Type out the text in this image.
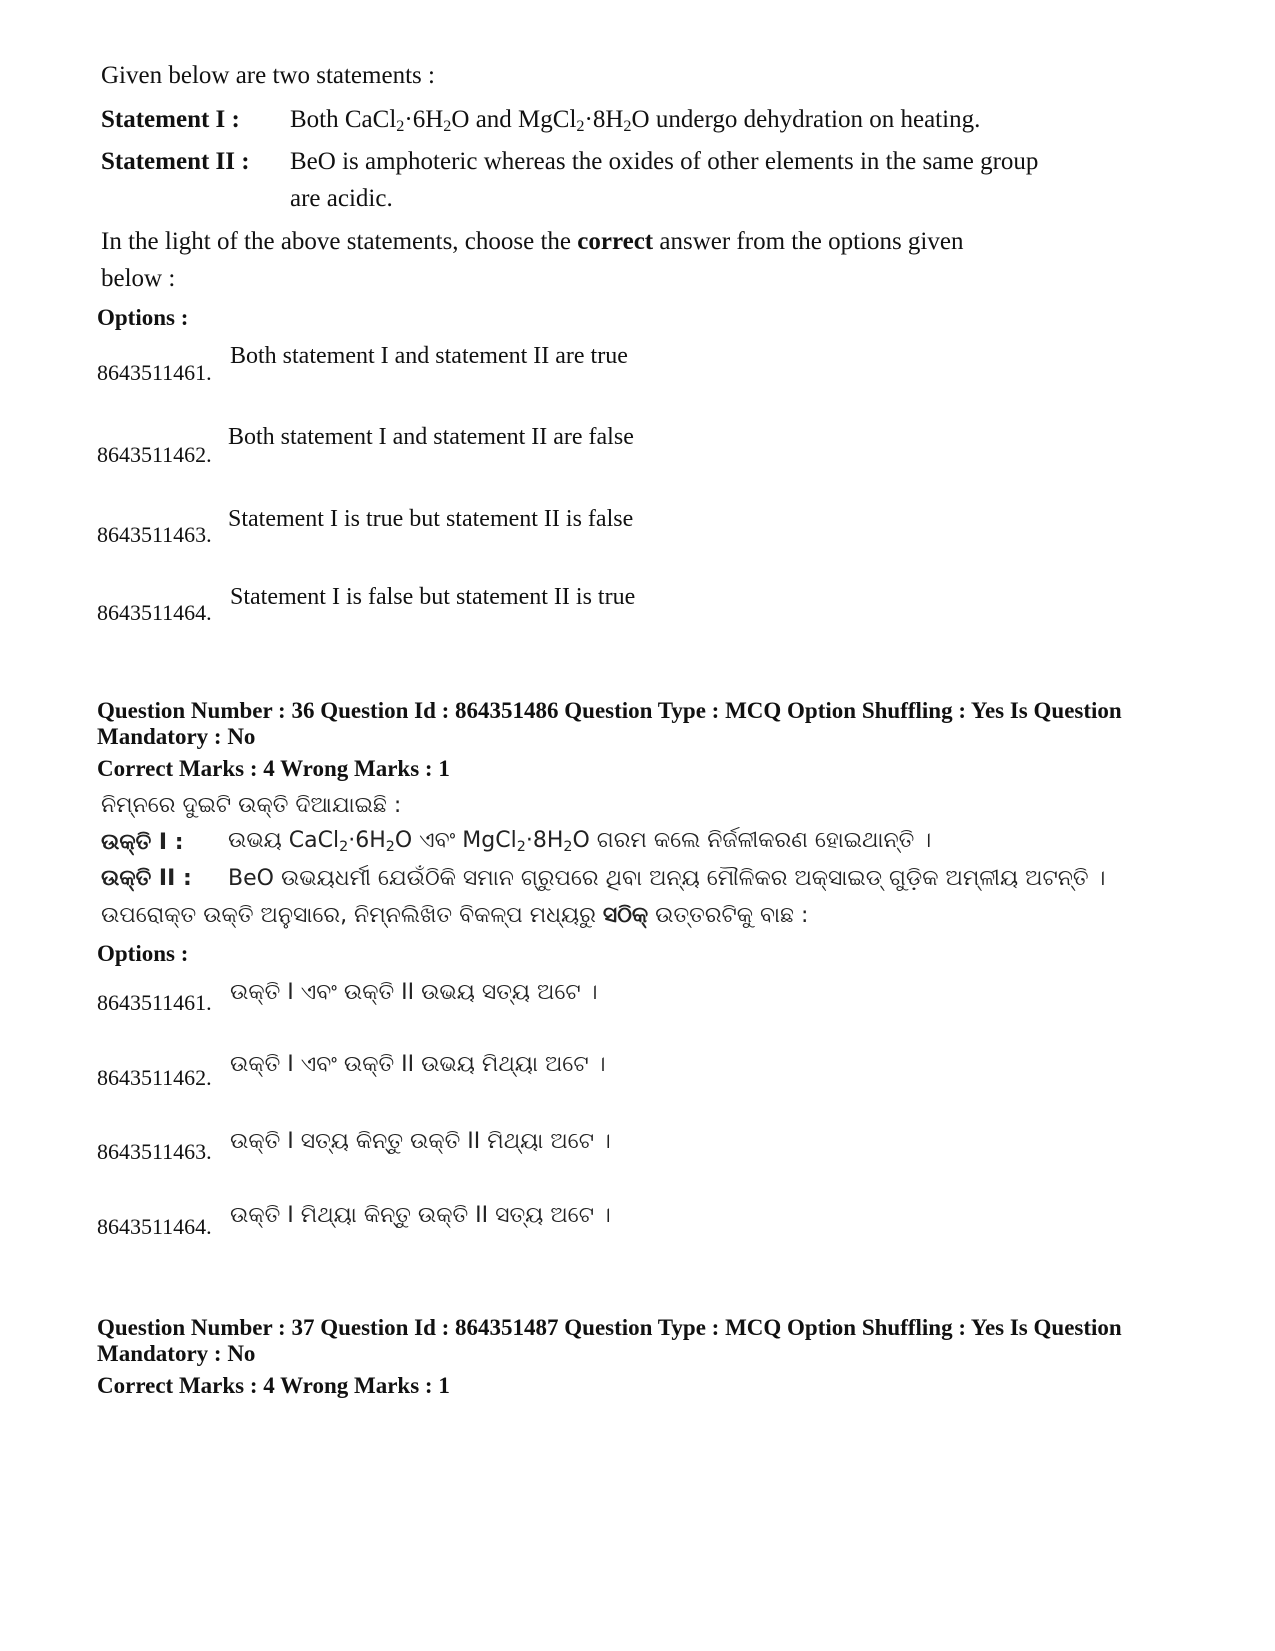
Given below are two statements :
Statement I : Both $CaCl_2\cdot 6H_2O$ and $MgCl_2\cdot 8H_2O$ undergo dehydration on heating.
Statement II : BeO is amphoteric whereas the oxides of other elements in the same group
are acidic.
In the light of the above statements, choose the correct answer from the options given
below :
Options :
8643511461.
Both statement I and statement II are true
8643511462.
Both statement I and statement II are false
8643511463.
Statement I is true but statement II is false
8643511464.
Statement I is false but statement II is true
Question Number : 36 Question Id : 864351486 Question Type : MCQ Option Shuffling : Yes Is Question
Mandatory : No
Correct Marks : 4 Wrong Marks : 1
ନିମ୍ନରେ ଦୁଇଟି ଉକ୍ତି ଦିଆଯାଇଛି :
ଉକ୍ତି I : ଉଭୟ $CaCl_2\cdot 6H_2O$ ଏବଂ $MgCl_2\cdot 8H_2O$ ଗରମ କଲେ ନିର୍ଜଳୀକରଣ ହୋଇଥାନ୍ତି ।
ଉକ୍ତି II : BeO ଉଭୟଧର୍ମୀ ଯେଉଁଠିକି ସମାନ ଗ୍ରୁପରେ ଥିବା ଅନ୍ୟ ମୌଳିକର ଅକ୍ସାଇଡ୍ ଗୁଡ଼ିକ ଅମ୍ଳୀୟ ଅଟନ୍ତି ।
ଉପରୋକ୍ତ ଉକ୍ତି ଅନୁସାରେ, ନିମ୍ନଲିଖିତ ବିକଳ୍ପ ମଧ୍ୟରୁ ସଠିକ୍ ଉତ୍ତରଟିକୁ ବାଛ :
Options :
8643511461. ଉକ୍ତି I ଏବଂ ଉକ୍ତି II ଉଭୟ ସତ୍ୟ ଅଟେ ।
8643511462.
ଉକ୍ତି I ଏବଂ ଉକ୍ତି II ଉଭୟ ମିଥ୍ୟା ଅଟେ ।
8643511463. ଉକ୍ତି I ସତ୍ୟ କିନ୍ତୁ ଉକ୍ତି II ମିଥ୍ୟା ଅଟେ ।
8643511464. ଉକ୍ତି I ମିଥ୍ୟା କିନ୍ତୁ ଉକ୍ତି II ସତ୍ୟ ଅଟେ ।
Question Number : 37 Question Id : 864351487 Question Type : MCQ Option Shuffling : Yes Is Question
Mandatory : No
Correct Marks : 4 Wrong Marks : 1
